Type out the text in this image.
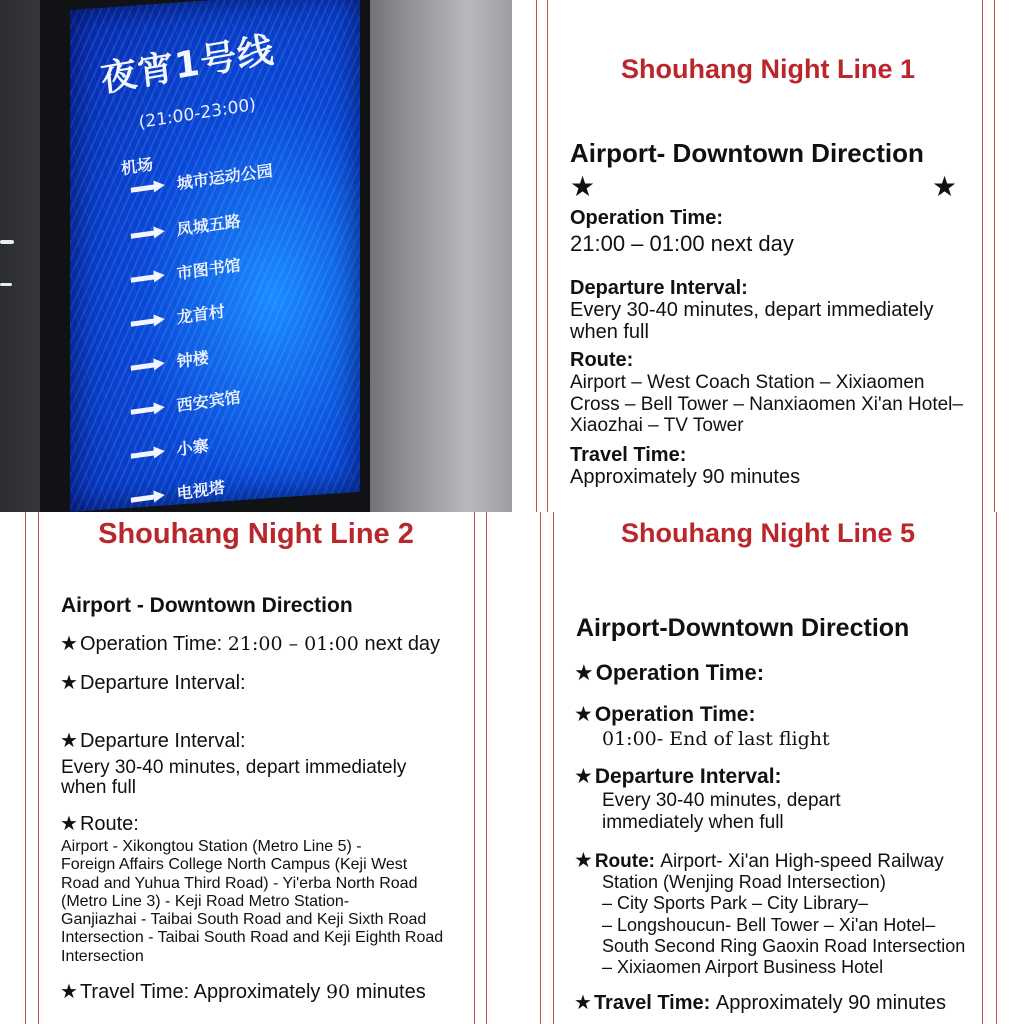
夜宵1号线
(21:00-23:00)
机场 城市运动公园
凤城五路
市图书馆
龙首村
钟楼
西安宾馆
小寨
电视塔
Shouhang Night Line 1
Airport- Downtown Direction
★	★
Operation Time:
21:00 – 01:00 next day
Departure Interval:
Every 30-40 minutes, depart immediately
when full
Route:
Airport – West Coach Station – Xixiaomen
Cross – Bell Tower – Nanxiaomen Xi'an Hotel–
Xiaozhai – TV Tower
Travel Time:
Approximately 90 minutes
Shouhang Night Line 2
Airport - Downtown Direction
★ Operation Time:
21:00 – 01:00
next day
★ Departure Interval:
★ Departure Interval:
Every 30-40 minutes, depart immediately
when full
★ Route:
Airport - Xikongtou Station (Metro Line 5) -
Foreign Affairs College North Campus (Keji West
Road and Yuhua Third Road) - Yi'erba North Road
(Metro Line 3) - Keji Road Metro Station-
Ganjiazhai - Taibai South Road and Keji Sixth Road
Intersection - Taibai South Road and Keji Eighth Road
Intersection
★ Travel Time: Approximately
90
minutes
Shouhang Night Line 5
Airport-Downtown Direction
★ Operation Time:
★ Operation Time:
01:00- End of last flight
★ Departure Interval:
Every 30-40 minutes, depart
immediately when full
★ Route:
Airport- Xi'an High-speed Railway
Station (Wenjing Road Intersection)
– City Sports Park – City Library–
– Longshoucun- Bell Tower – Xi'an Hotel–
South Second Ring Gaoxin Road Intersection
– Xixiaomen Airport Business Hotel
★ Travel Time:
Approximately 90 minutes
